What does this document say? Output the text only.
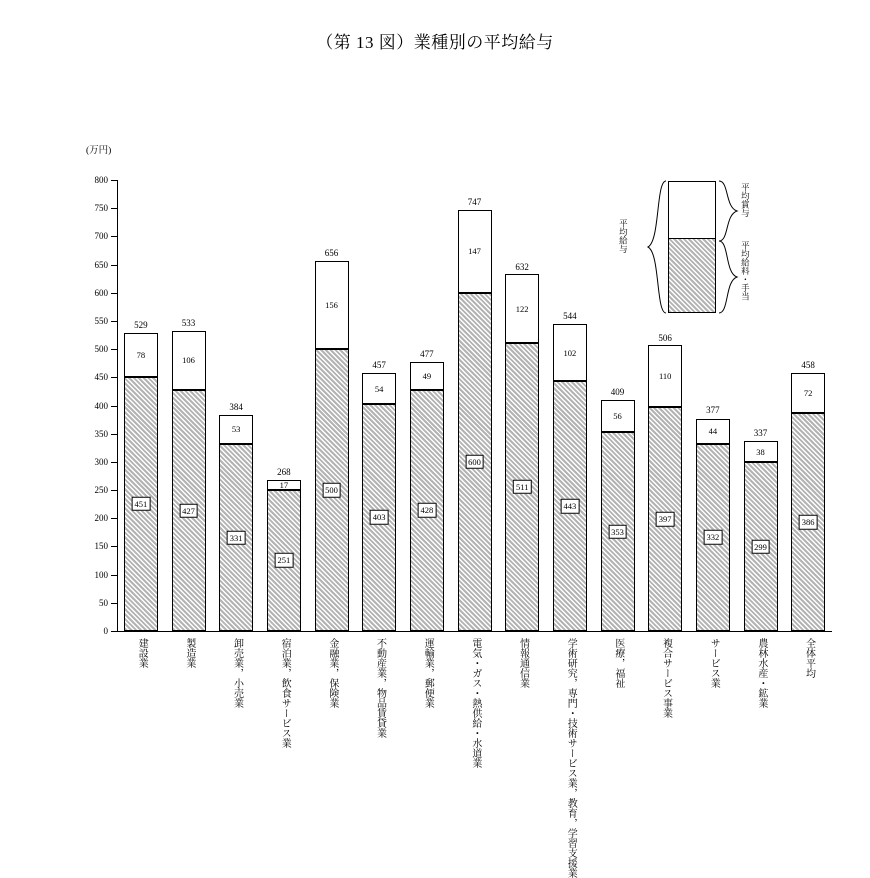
（第 13 図）業種別の平均給与
(万円)
0
50
100
150
200
250
300
350
400
450
500
550
600
650
700
750
800
451
78
529
建設業
427
106
533
製造業
331
53
384
卸売業，小売業
251
17
268
宿泊業，飲食サービス業
500
156
656
金融業，保険業
403
54
457
不動産業，物品賃貸業
428
49
477
運輸業，郵便業
600
147
747
電気・ガス・熱供給・水道業
511
122
632
情報通信業
443
102
544
学術研究，専門・技術サービス業，教育，学習支援業
353
56
409
医療，福祉
397
110
506
複合サービス事業
332
44
377
サービス業
299
38
337
農林水産・鉱業
386
72
458
全体平均
平均給与
平均賞与
平均給料・手当
